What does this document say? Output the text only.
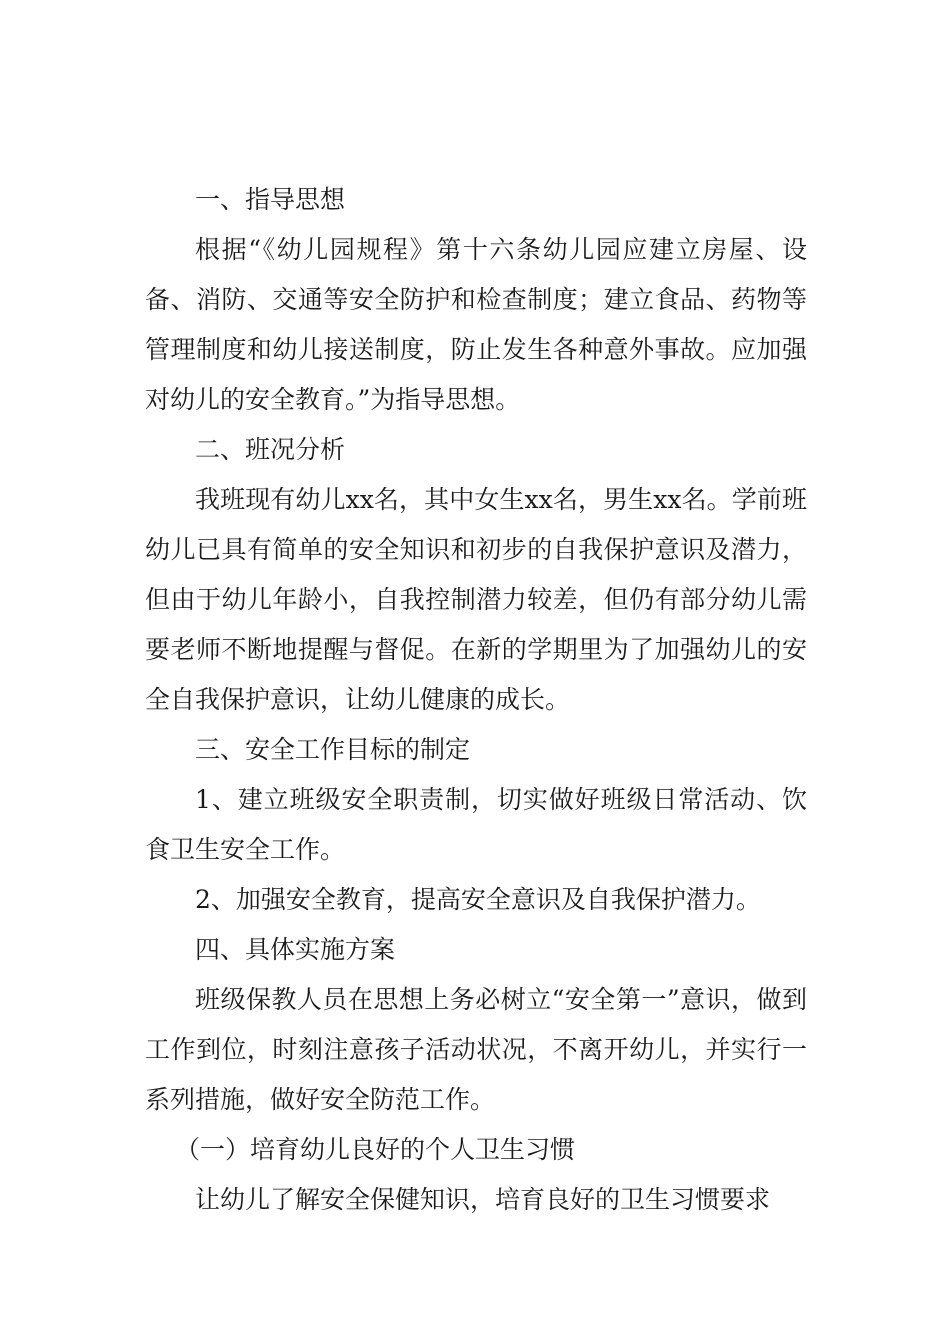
一、指导思想

根据“《幼儿园规程》第十六条幼儿园应建立房屋、设备、消防、交通等安全防护和检查制度；建立食品、药物等管理制度和幼儿接送制度，防止发生各种意外事故。应加强对幼儿的安全教育。”为指导思想。

二、班况分析

我班现有幼儿xx名，其中女生xx名，男生xx名。学前班幼儿已具有简单的安全知识和初步的自我保护意识及潜力，但由于幼儿年龄小，自我控制潜力较差，但仍有部分幼儿需要老师不断地提醒与督促。在新的学期里为了加强幼儿的安全自我保护意识，让幼儿健康的成长。

三、安全工作目标的制定

1、建立班级安全职责制，切实做好班级日常活动、饮食卫生安全工作。

2、加强安全教育，提高安全意识及自我保护潜力。

四、具体实施方案

班级保教人员在思想上务必树立“安全第一”意识，做到工作到位，时刻注意孩子活动状况，不离开幼儿，并实行一系列措施，做好安全防范工作。

（一）培育幼儿良好的个人卫生习惯

让幼儿了解安全保健知识，培育良好的卫生习惯要求
